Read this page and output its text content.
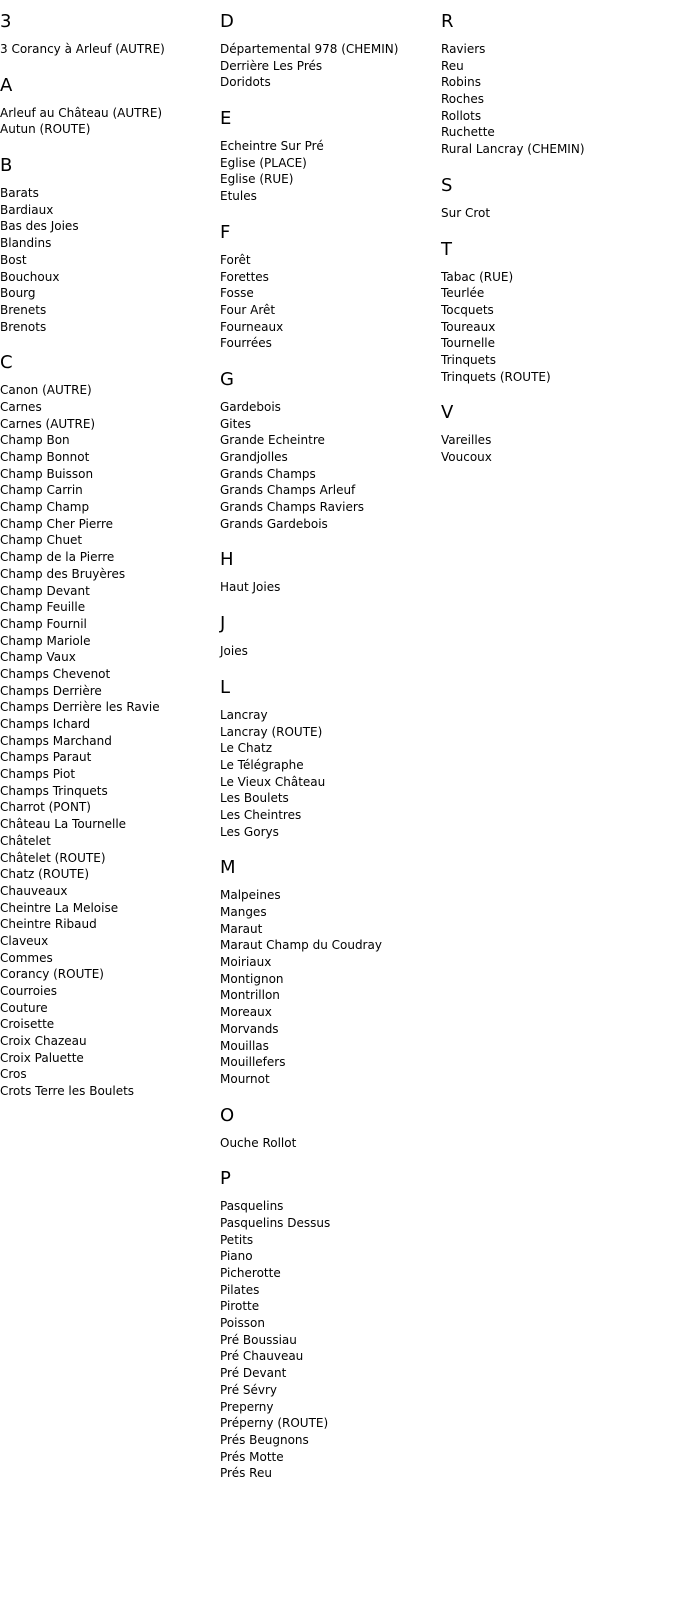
3
3 Corancy à Arleuf (AUTRE)
A
Arleuf au Château (AUTRE)
Autun (ROUTE)
B
Barats
Bardiaux
Bas des Joies
Blandins
Bost
Bouchoux
Bourg
Brenets
Brenots
C
Canon (AUTRE)
Carnes
Carnes (AUTRE)
Champ Bon
Champ Bonnot
Champ Buisson
Champ Carrin
Champ Champ
Champ Cher Pierre
Champ Chuet
Champ de la Pierre
Champ des Bruyères
Champ Devant
Champ Feuille
Champ Fournil
Champ Mariole
Champ Vaux
Champs Chevenot
Champs Derrière
Champs Derrière les Ravie
Champs Ichard
Champs Marchand
Champs Paraut
Champs Piot
Champs Trinquets
Charrot (PONT)
Château La Tournelle
Châtelet
Châtelet (ROUTE)
Chatz (ROUTE)
Chauveaux
Cheintre La Meloise
Cheintre Ribaud
Claveux
Commes
Corancy (ROUTE)
Courroies
Couture
Croisette
Croix Chazeau
Croix Paluette
Cros
Crots Terre les Boulets
D
Départemental 978 (CHEMIN)
Derrière Les Prés
Doridots
E
Echeintre Sur Pré
Eglise (PLACE)
Eglise (RUE)
Etules
F
Forêt
Forettes
Fosse
Four Arêt
Fourneaux
Fourrées
G
Gardebois
Gites
Grande Echeintre
Grandjolles
Grands Champs
Grands Champs Arleuf
Grands Champs Raviers
Grands Gardebois
H
Haut Joies
J
Joies
L
Lancray
Lancray (ROUTE)
Le Chatz
Le Télégraphe
Le Vieux Château
Les Boulets
Les Cheintres
Les Gorys
M
Malpeines
Manges
Maraut
Maraut Champ du Coudray
Moiriaux
Montignon
Montrillon
Moreaux
Morvands
Mouillas
Mouillefers
Mournot
O
Ouche Rollot
P
Pasquelins
Pasquelins Dessus
Petits
Piano
Picherotte
Pilates
Pirotte
Poisson
Pré Boussiau
Pré Chauveau
Pré Devant
Pré Sévry
Preperny
Préperny (ROUTE)
Prés Beugnons
Prés Motte
Prés Reu
R
Raviers
Reu
Robins
Roches
Rollots
Ruchette
Rural Lancray (CHEMIN)
S
Sur Crot
T
Tabac (RUE)
Teurlée
Tocquets
Toureaux
Tournelle
Trinquets
Trinquets (ROUTE)
V
Vareilles
Voucoux
